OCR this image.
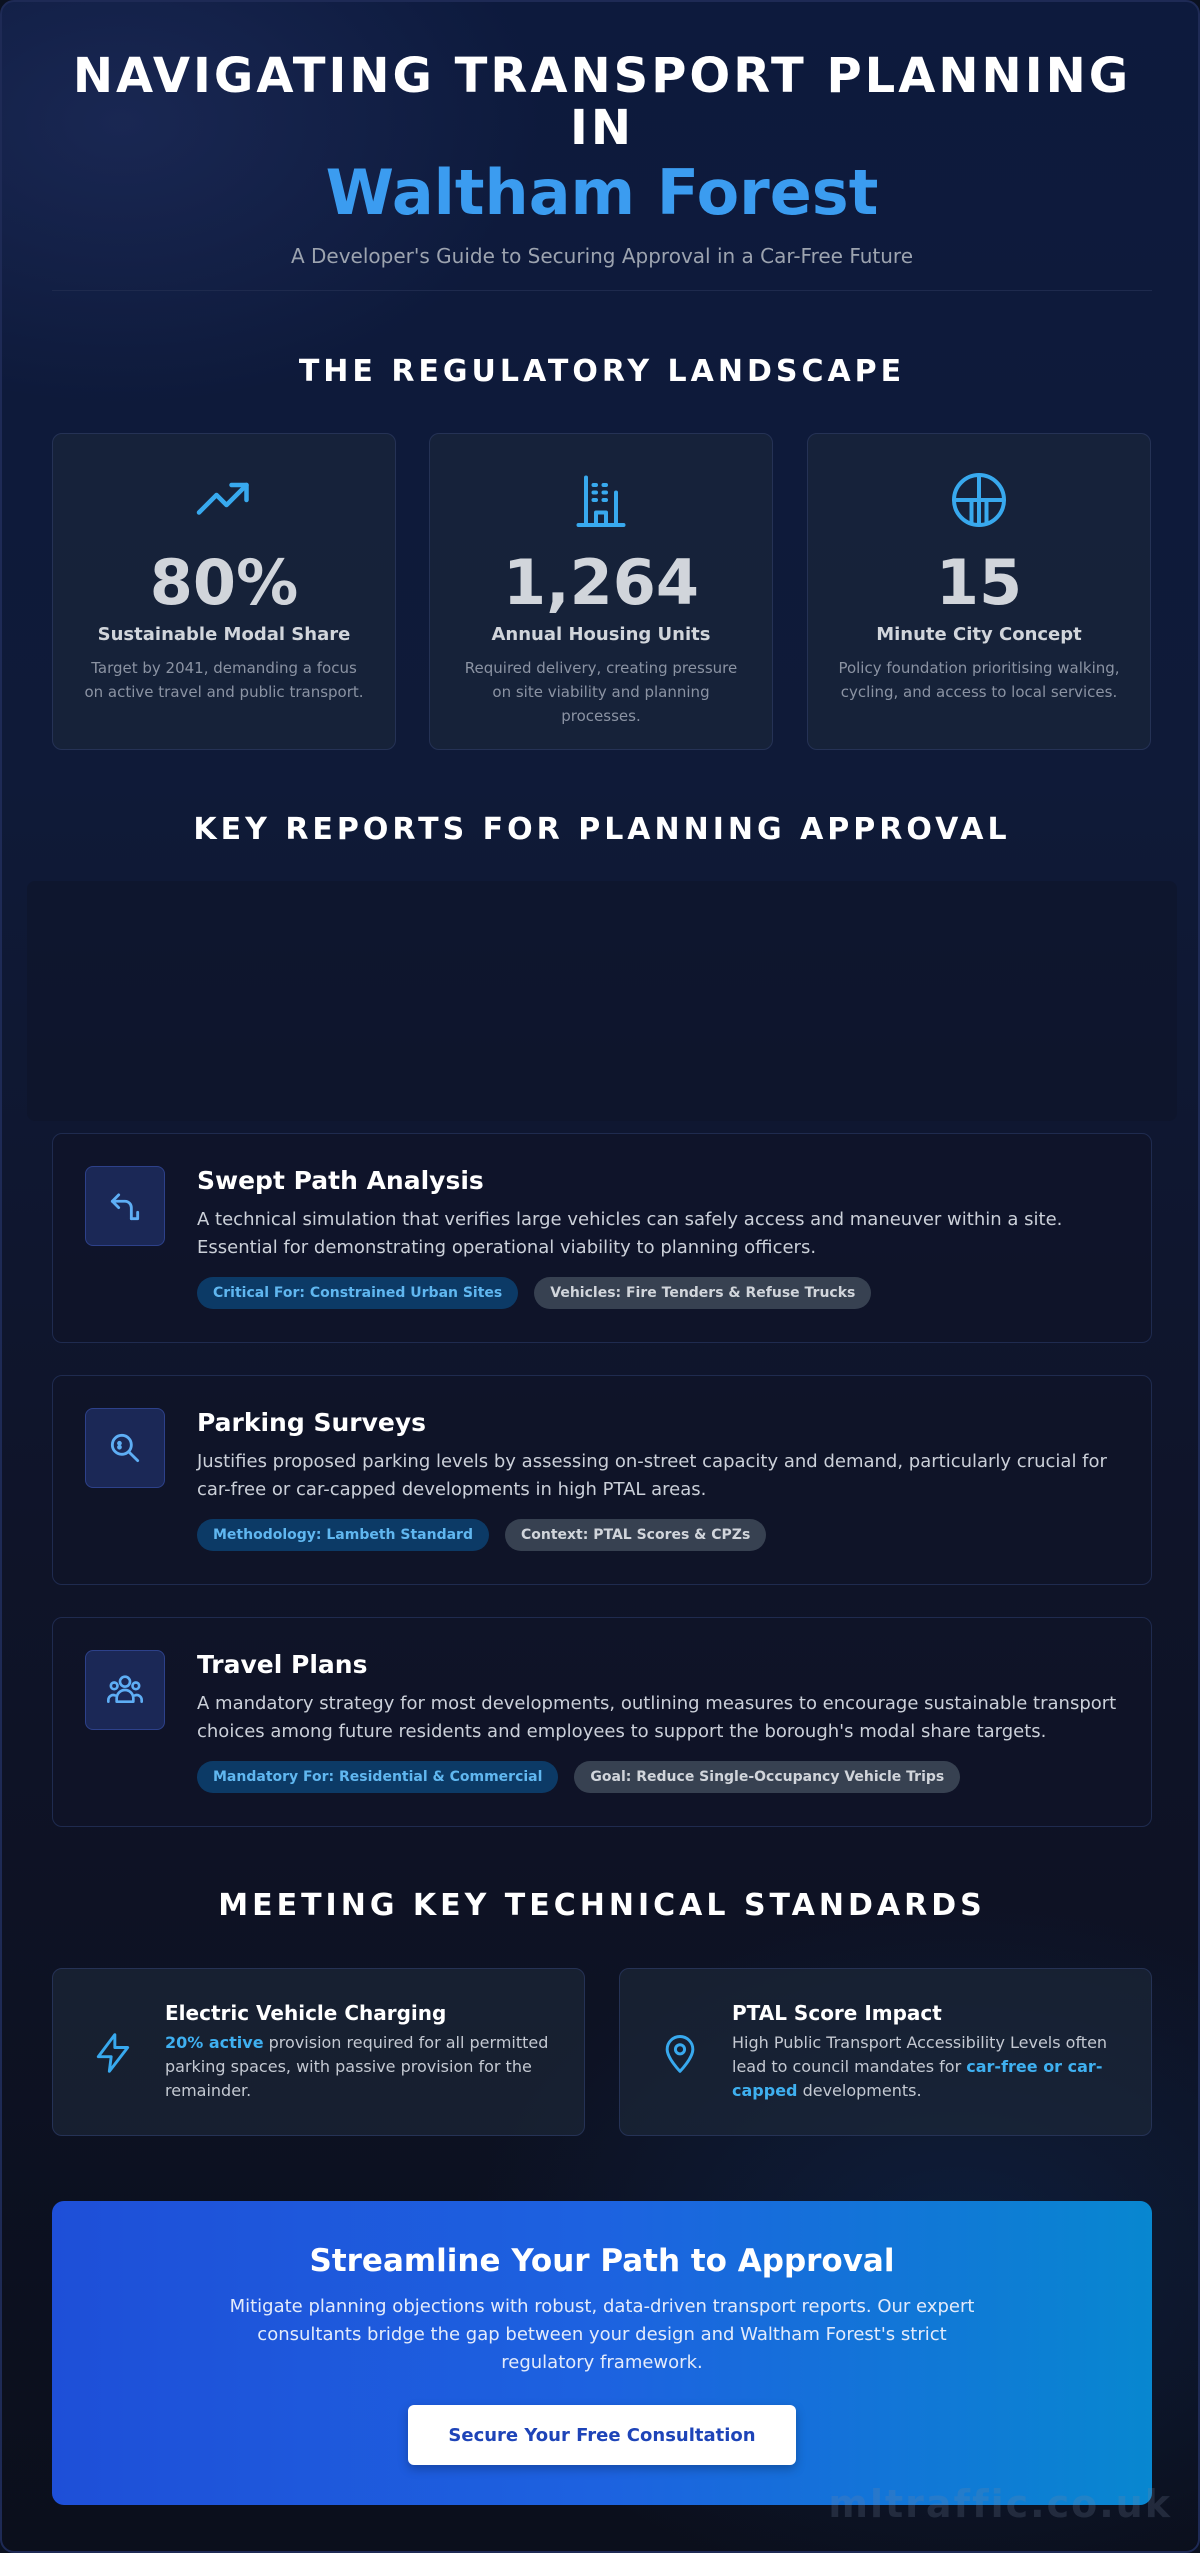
NAVIGATING TRANSPORT PLANNING
IN
Waltham Forest
A Developer's Guide to Securing Approval in a Car-Free Future
THE REGULATORY LANDSCAPE
80%
Sustainable Modal Share
Target by 2041, demanding a focus on active travel and public transport.
1,264
Annual Housing Units
Required delivery, creating pressure on site viability and planning processes.
15
Minute City Concept
Policy foundation prioritising walking, cycling, and access to local services.
KEY REPORTS FOR PLANNING APPROVAL
Swept Path Analysis
A technical simulation that verifies large vehicles can safely access and maneuver within a site. Essential for demonstrating operational viability to planning officers.
Critical For: Constrained Urban Sites	Vehicles: Fire Tenders & Refuse Trucks
Parking Surveys
Justifies proposed parking levels by assessing on-street capacity and demand, particularly crucial for car-free or car-capped developments in high PTAL areas.
Methodology: Lambeth Standard	Context: PTAL Scores & CPZs
Travel Plans
A mandatory strategy for most developments, outlining measures to encourage sustainable transport choices among future residents and employees to support the borough's modal share targets.
Mandatory For: Residential & Commercial	Goal: Reduce Single-Occupancy Vehicle Trips
MEETING KEY TECHNICAL STANDARDS
Electric Vehicle Charging
20% active provision required for all permitted parking spaces, with passive provision for the remainder.
PTAL Score Impact
High Public Transport Accessibility Levels often lead to council mandates for car-free or car-capped developments.
Streamline Your Path to Approval
Mitigate planning objections with robust, data-driven transport reports. Our expert consultants bridge the gap between your design and Waltham Forest's strict regulatory framework.
Secure Your Free Consultation
mltraffic.co.uk
